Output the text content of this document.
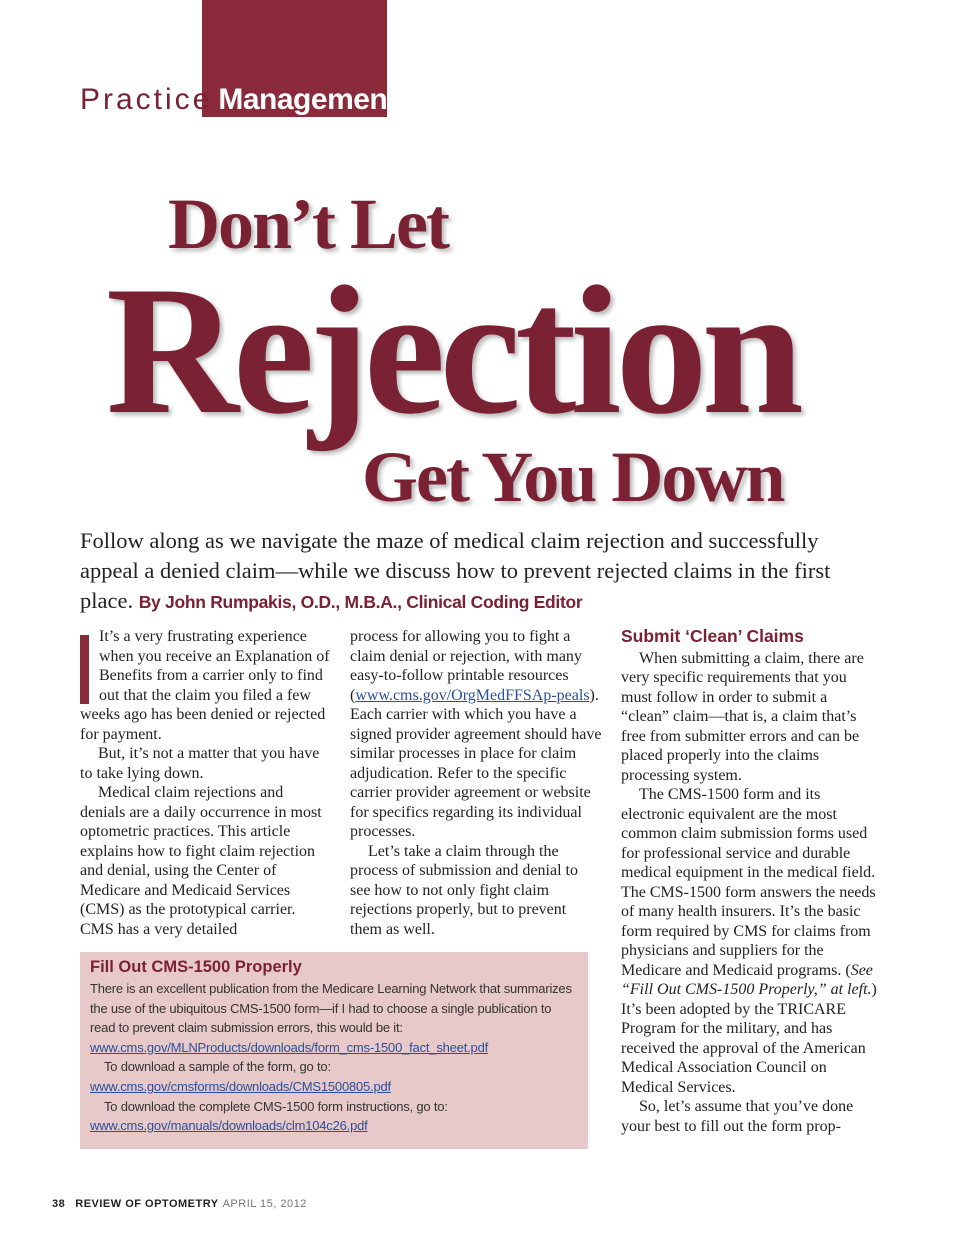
Practice Management
Don’t Let
Rejection
Get You Down
Follow along as we navigate the maze of medical claim rejection and successfully appeal a denied claim—while we discuss how to prevent rejected claims in the first place. By John Rumpakis, O.D., M.B.A., Clinical Coding Editor

It’s a very frustrating experience when you receive an Explanation of Benefits from a carrier only to find out that the claim you filed a few weeks ago has been denied or rejected for payment.

But, it’s not a matter that you have to take lying down.

Medical claim rejections and denials are a daily occurrence in most optometric practices. This article explains how to fight claim rejection and denial, using the Center of Medicare and Medicaid Services (CMS) as the prototypical carrier. CMS has a very detailed

process for allowing you to fight a claim denial or rejection, with many easy-to-follow printable resources (www.cms.gov/OrgMedFFSAp-peals). Each carrier with which you have a signed provider agreement should have similar processes in place for claim adjudication. Refer to the specific carrier provider agreement or website for specifics regarding its individual processes.

Let’s take a claim through the process of submission and denial to see how to not only fight claim rejections properly, but to prevent them as well.

Submit ‘Clean’ Claims

When submitting a claim, there are very specific requirements that you must follow in order to submit a “clean” claim—that is, a claim that’s free from submitter errors and can be placed properly into the claims processing system.

The CMS-1500 form and its electronic equivalent are the most common claim submission forms used for professional service and durable medical equipment in the medical field. The CMS-1500 form answers the needs of many health insurers. It’s the basic form required by CMS for claims from physicians and suppliers for the Medicare and Medicaid programs. (See “Fill Out CMS-1500 Properly,” at left.) It’s been adopted by the TRICARE Program for the military, and has received the approval of the American Medical Association Council on Medical Services.

So, let’s assume that you’ve done your best to fill out the form prop-

Fill Out CMS-1500 Properly

There is an excellent publication from the Medicare Learning Network that summarizes the use of the ubiquitous CMS-1500 form—if I had to choose a single publication to read to prevent claim submission errors, this would be it:

www.cms.gov/MLNProducts/downloads/form_cms-1500_fact_sheet.pdf

To download a sample of the form, go to:

www.cms.gov/cmsforms/downloads/CMS1500805.pdf

To download the complete CMS-1500 form instructions, go to:

www.cms.gov/manuals/downloads/clm104c26.pdf

38 REVIEW OF OPTOMETRY APRIL 15, 2012
